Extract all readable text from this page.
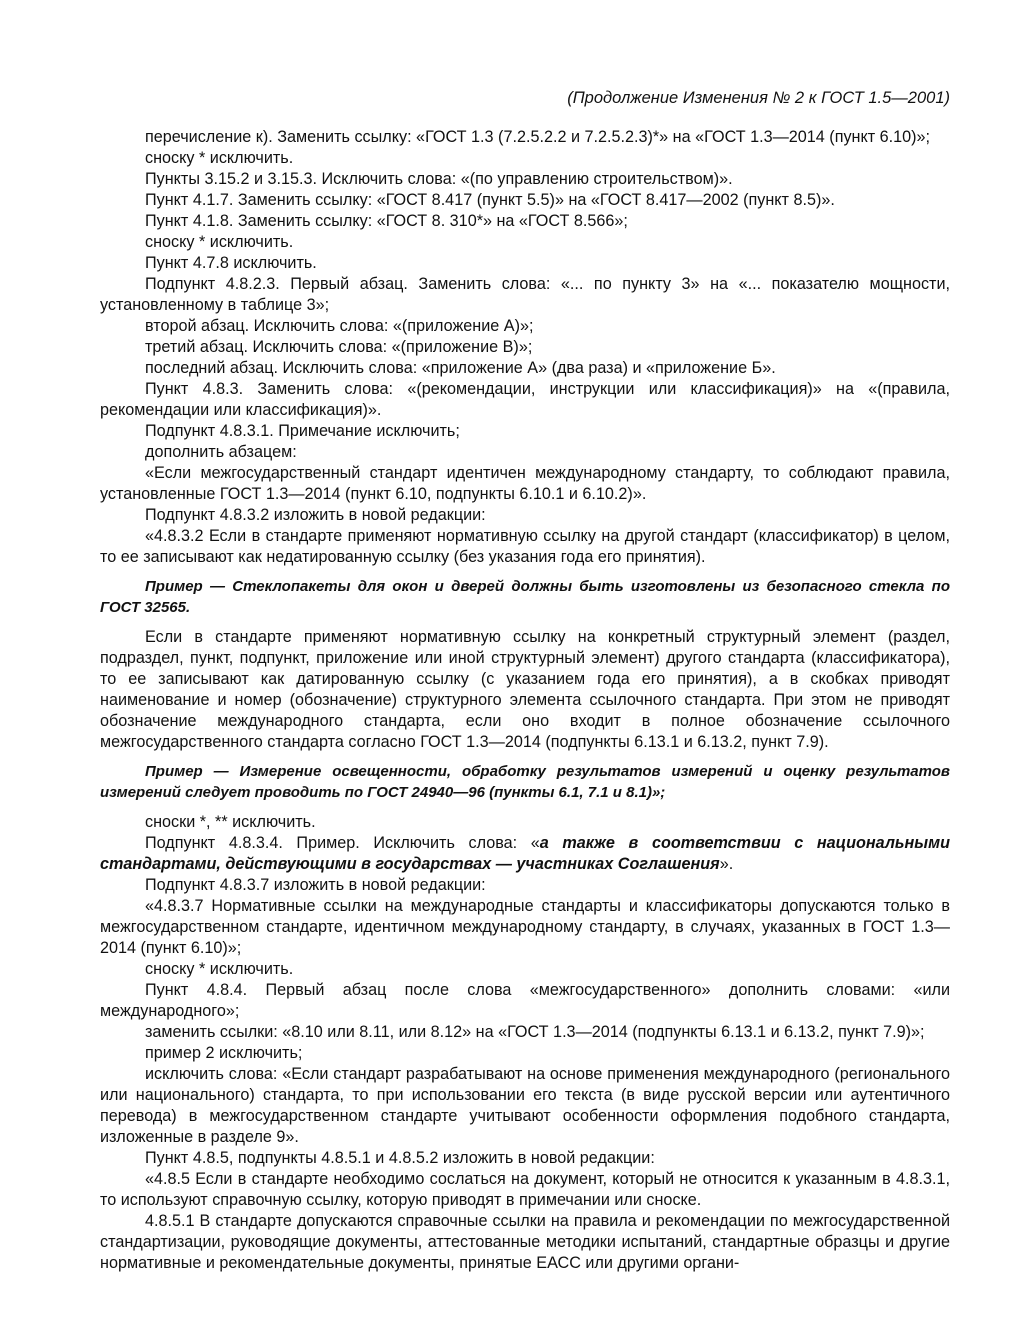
(Продолжение Изменения № 2 к ГОСТ 1.5—2001)

перечисление к). Заменить ссылку: «ГОСТ 1.3 (7.2.5.2.2 и 7.2.5.2.3)*» на «ГОСТ 1.3—2014 (пункт 6.10)»;

сноску * исключить.

Пункты 3.15.2 и 3.15.3. Исключить слова: «(по управлению строительством)».

Пункт 4.1.7. Заменить ссылку: «ГОСТ 8.417 (пункт 5.5)» на «ГОСТ 8.417—2002 (пункт 8.5)».

Пункт 4.1.8. Заменить ссылку: «ГОСТ 8. 310*» на «ГОСТ 8.566»;

сноску * исключить.

Пункт 4.7.8 исключить.

Подпункт 4.8.2.3. Первый абзац. Заменить слова: «... по пункту 3» на «... показателю мощности, установленному в таблице 3»;

второй абзац. Исключить слова: «(приложение А)»;

третий абзац. Исключить слова: «(приложение В)»;

последний абзац. Исключить слова: «приложение А» (два раза) и «приложение Б».

Пункт 4.8.3. Заменить слова: «(рекомендации, инструкции или классификация)» на «(правила, рекомендации или классификация)».

Подпункт 4.8.3.1. Примечание исключить;

дополнить абзацем:

«Если межгосударственный стандарт идентичен международному стандарту, то соблюдают правила, установленные ГОСТ 1.3—2014 (пункт 6.10, подпункты 6.10.1 и 6.10.2)».

Подпункт 4.8.3.2 изложить в новой редакции:

«4.8.3.2 Если в стандарте применяют нормативную ссылку на другой стандарт (классификатор) в целом, то ее записывают как недатированную ссылку (без указания года его принятия).

Пример — Стеклопакеты для окон и дверей должны быть изготовлены из безопасного стекла по ГОСТ 32565.

Если в стандарте применяют нормативную ссылку на конкретный структурный элемент (раздел, подраздел, пункт, подпункт, приложение или иной структурный элемент) другого стандарта (классификатора), то ее записывают как датированную ссылку (с указанием года его принятия), а в скобках приводят наименование и номер (обозначение) структурного элемента ссылочного стандарта. При этом не приводят обозначение международного стандарта, если оно входит в полное обозначение ссылочного межгосударственного стандарта согласно ГОСТ 1.3—2014 (подпункты 6.13.1 и 6.13.2, пункт 7.9).

Пример — Измерение освещенности, обработку результатов измерений и оценку результатов измерений следует проводить по ГОСТ 24940—96 (пункты 6.1, 7.1 и 8.1)»;

сноски *, ** исключить.

Подпункт 4.8.3.4. Пример. Исключить слова: «а также в соответствии с национальными стандартами, действующими в государствах — участниках Соглашения».

Подпункт 4.8.3.7 изложить в новой редакции:

«4.8.3.7 Нормативные ссылки на международные стандарты и классификаторы допускаются только в межгосударственном стандарте, идентичном международному стандарту, в случаях, указанных в ГОСТ 1.3—2014 (пункт 6.10)»;

сноску * исключить.

Пункт 4.8.4. Первый абзац после слова «межгосударственного» дополнить словами: «или международного»;

заменить ссылки: «8.10 или 8.11, или 8.12» на «ГОСТ 1.3—2014 (подпункты 6.13.1 и 6.13.2, пункт 7.9)»;

пример 2 исключить;

исключить слова: «Если стандарт разрабатывают на основе применения международного (регионального или национального) стандарта, то при использовании его текста (в виде русской версии или аутентичного перевода) в межгосударственном стандарте учитывают особенности оформления подобного стандарта, изложенные в разделе 9».

Пункт 4.8.5, подпункты 4.8.5.1 и 4.8.5.2 изложить в новой редакции:

«4.8.5 Если в стандарте необходимо сослаться на документ, который не относится к указанным в 4.8.3.1, то используют справочную ссылку, которую приводят в примечании или сноске.

4.8.5.1 В стандарте допускаются справочные ссылки на правила и рекомендации по межгосударственной стандартизации, руководящие документы, аттестованные методики испытаний, стандартные образцы и другие нормативные и рекомендательные документы, принятые ЕАСС или другими органи-
